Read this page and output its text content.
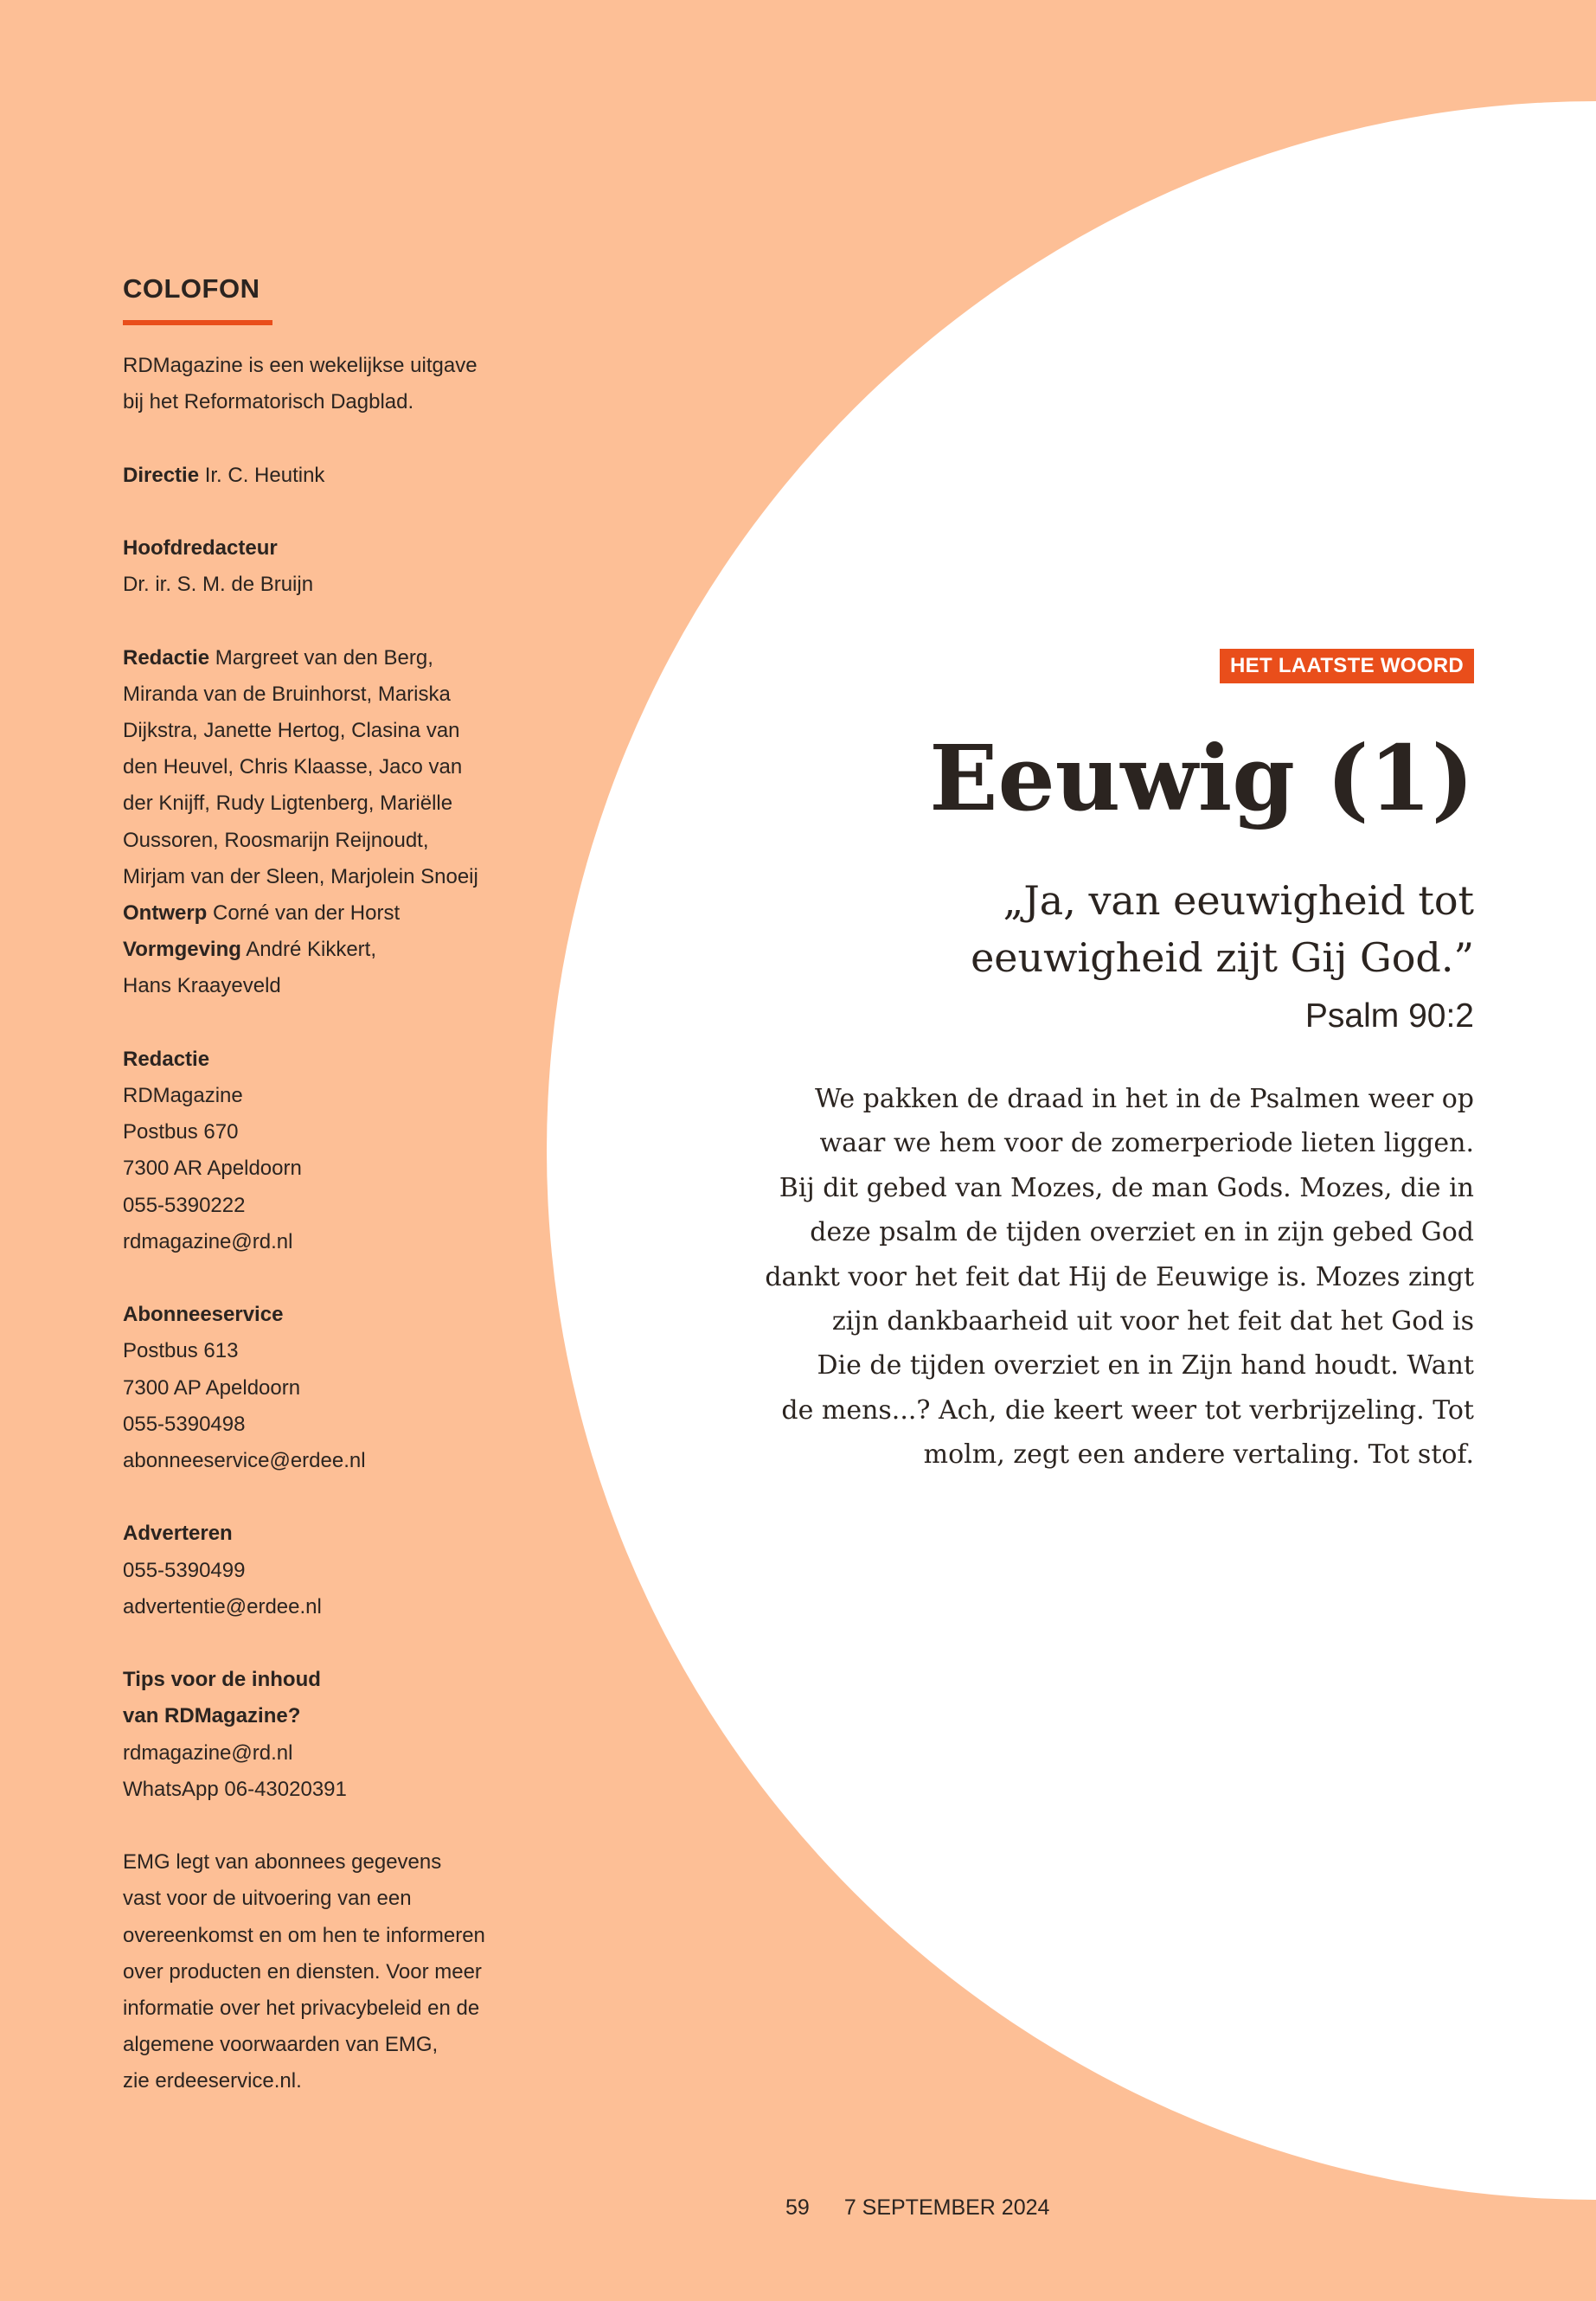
COLOFON
RDMagazine is een wekelijkse uitgave
bij het Reformatorisch Dagblad.
Directie Ir. C. Heutink
Hoofdredacteur
Dr. ir. S. M. de Bruijn
Redactie Margreet van den Berg,
Miranda van de Bruinhorst, Mariska
Dijkstra, Janette Hertog, Clasina van
den Heuvel, Chris Klaasse, Jaco van
der Knijff, Rudy Ligtenberg, Mariëlle
Oussoren, Roosmarijn Reijnoudt,
Mirjam van der Sleen, Marjolein Snoeij
Ontwerp Corné van der Horst
Vormgeving André Kikkert,
Hans Kraayeveld
Redactie
RDMagazine
Postbus 670
7300 AR Apeldoorn
055-5390222
rdmagazine@rd.nl
Abonneeservice
Postbus 613
7300 AP Apeldoorn
055-5390498
abonneeservice@erdee.nl
Adverteren
055-5390499
advertentie@erdee.nl
Tips voor de inhoud
van RDMagazine?
rdmagazine@rd.nl
WhatsApp 06-43020391
EMG legt van abonnees gegevens
vast voor de uitvoering van een
overeenkomst en om hen te informeren
over producten en diensten. Voor meer
informatie over het privacybeleid en de
algemene voorwaarden van EMG,
zie erdeeservice.nl.
HET LAATSTE WOORD
Eeuwig (1)
„Ja, van eeuwigheid tot
eeuwigheid zijt Gij God.”
Psalm 90:2
We pakken de draad in het in de Psalmen weer op
waar we hem voor de zomerperiode lieten liggen.
Bij dit gebed van Mozes, de man Gods. Mozes, die in
deze psalm de tijden overziet en in zijn gebed God
dankt voor het feit dat Hij de Eeuwige is. Mozes zingt
zijn dankbaarheid uit voor het feit dat het God is
Die de tijden overziet en in Zijn hand houdt. Want
de mens...? Ach, die keert weer tot verbrijzeling. Tot
molm, zegt een andere vertaling. Tot stof.
59 7 SEPTEMBER 2024
